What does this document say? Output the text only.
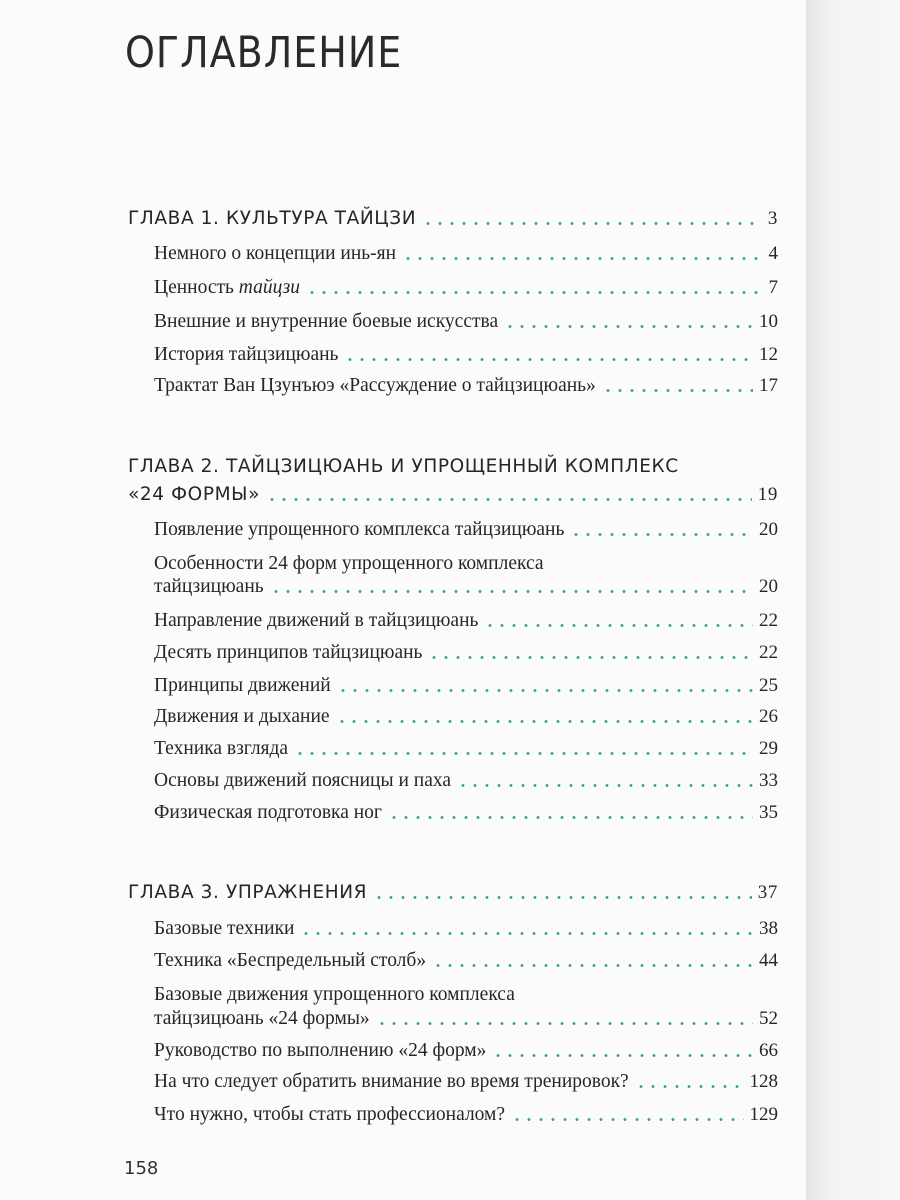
ОГЛАВЛЕНИЕ
ГЛАВА 1. КУЛЬТУРА ТАЙЦЗИ	3
Немного о концепции инь-ян	4
Ценность тайцзи	7
Внешние и внутренние боевые искусства	10
История тайцзицюань	12
Трактат Ван Цзунъюэ «Рассуждение о тайцзицюань»	17
ГЛАВА 2. ТАЙЦЗИЦЮАНЬ И УПРОЩЕННЫЙ КОМПЛЕКС
«24 ФОРМЫ»	19
Появление упрощенного комплекса тайцзицюань	20
Особенности 24 форм упрощенного комплекса
тайцзицюань	20
Направление движений в тайцзицюань	22
Десять принципов тайцзицюань	22
Принципы движений	25
Движения и дыхание	26
Техника взгляда	29
Основы движений поясницы и паха	33
Физическая подготовка ног	35
ГЛАВА 3. УПРАЖНЕНИЯ	37
Базовые техники	38
Техника «Беспредельный столб»	44
Базовые движения упрощенного комплекса
тайцзицюань «24 формы»	52
Руководство по выполнению «24 форм»	66
На что следует обратить внимание во время тренировок?	128
Что нужно, чтобы стать профессионалом?	129
158
